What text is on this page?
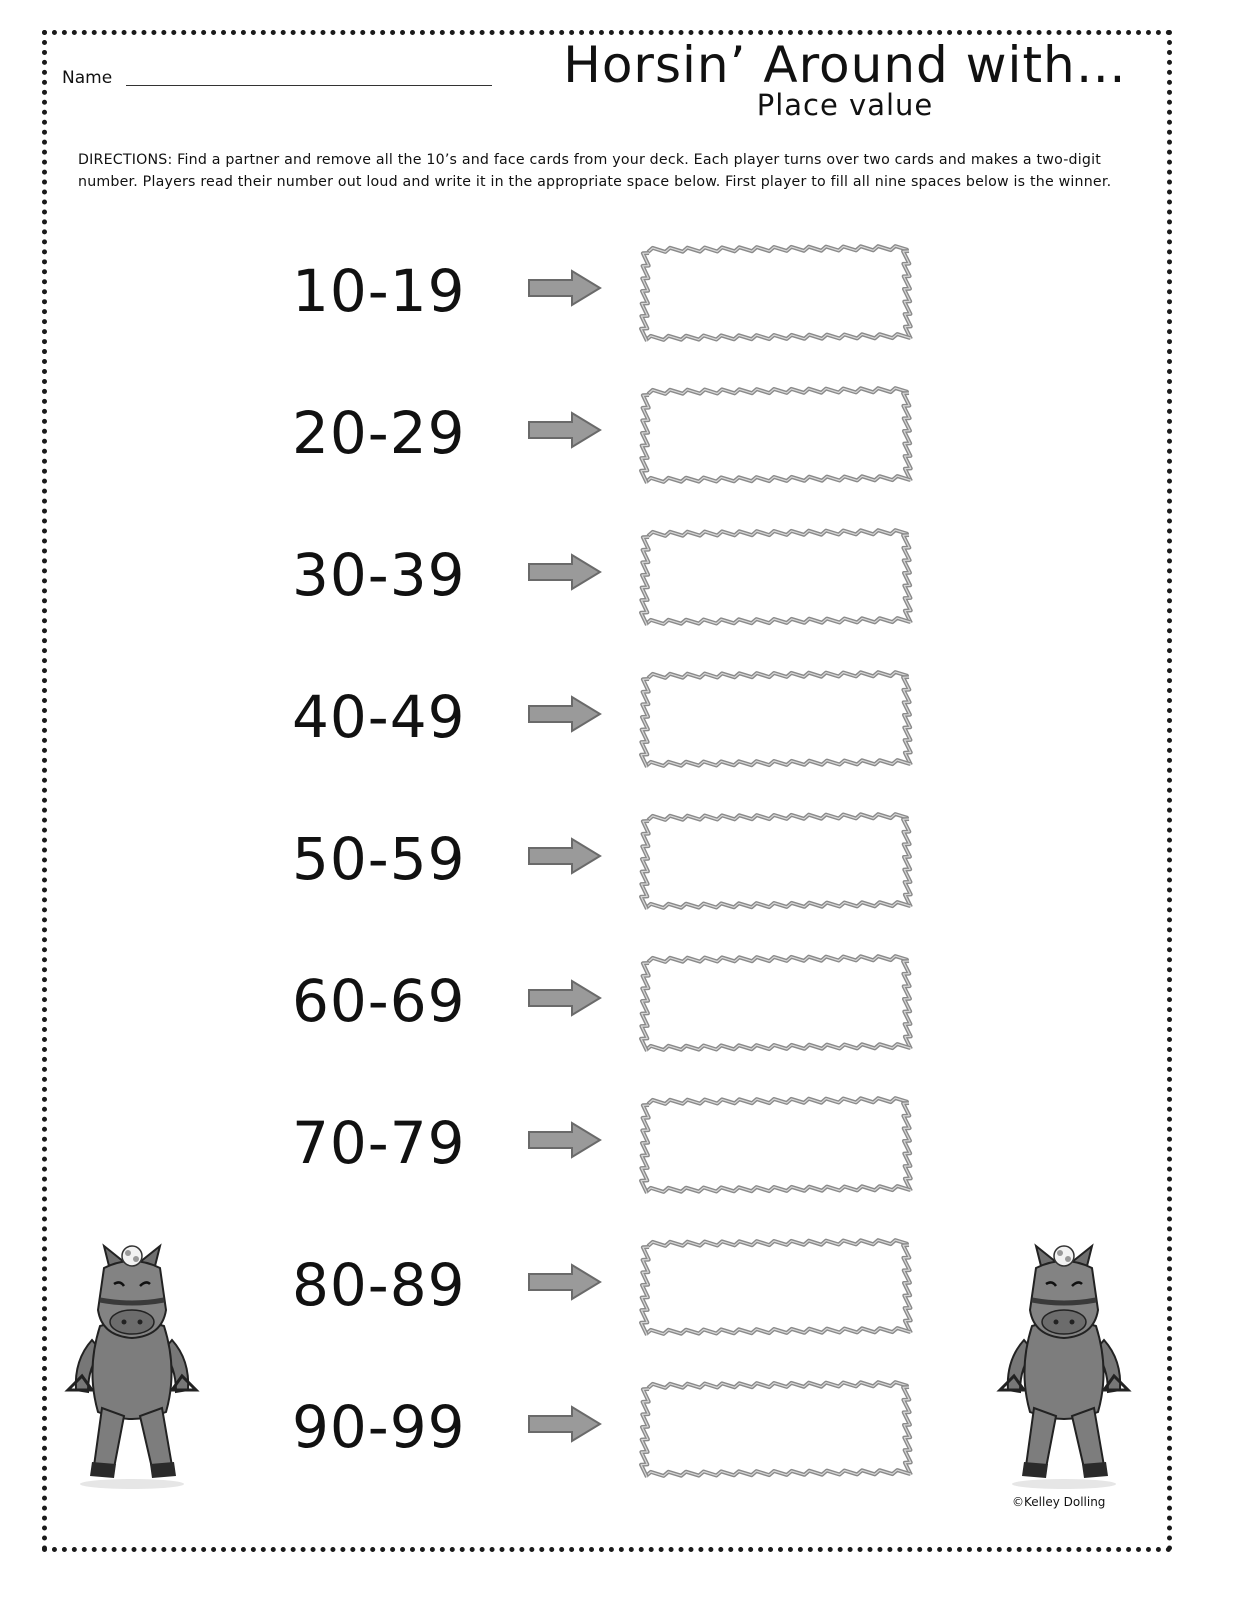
Name	Horsin’ Around with…
Place value
DIRECTIONS: Find a partner and remove all the 10’s and face cards from your deck. Each player turns over two cards and makes a two-digit number. Players read their number out loud and write it in the appropriate space below. First player to fill all nine spaces below is the winner.
10-19
20-29
30-39
40-49
50-59
60-69
70-79
80-89
90-99
©Kelley Dolling
